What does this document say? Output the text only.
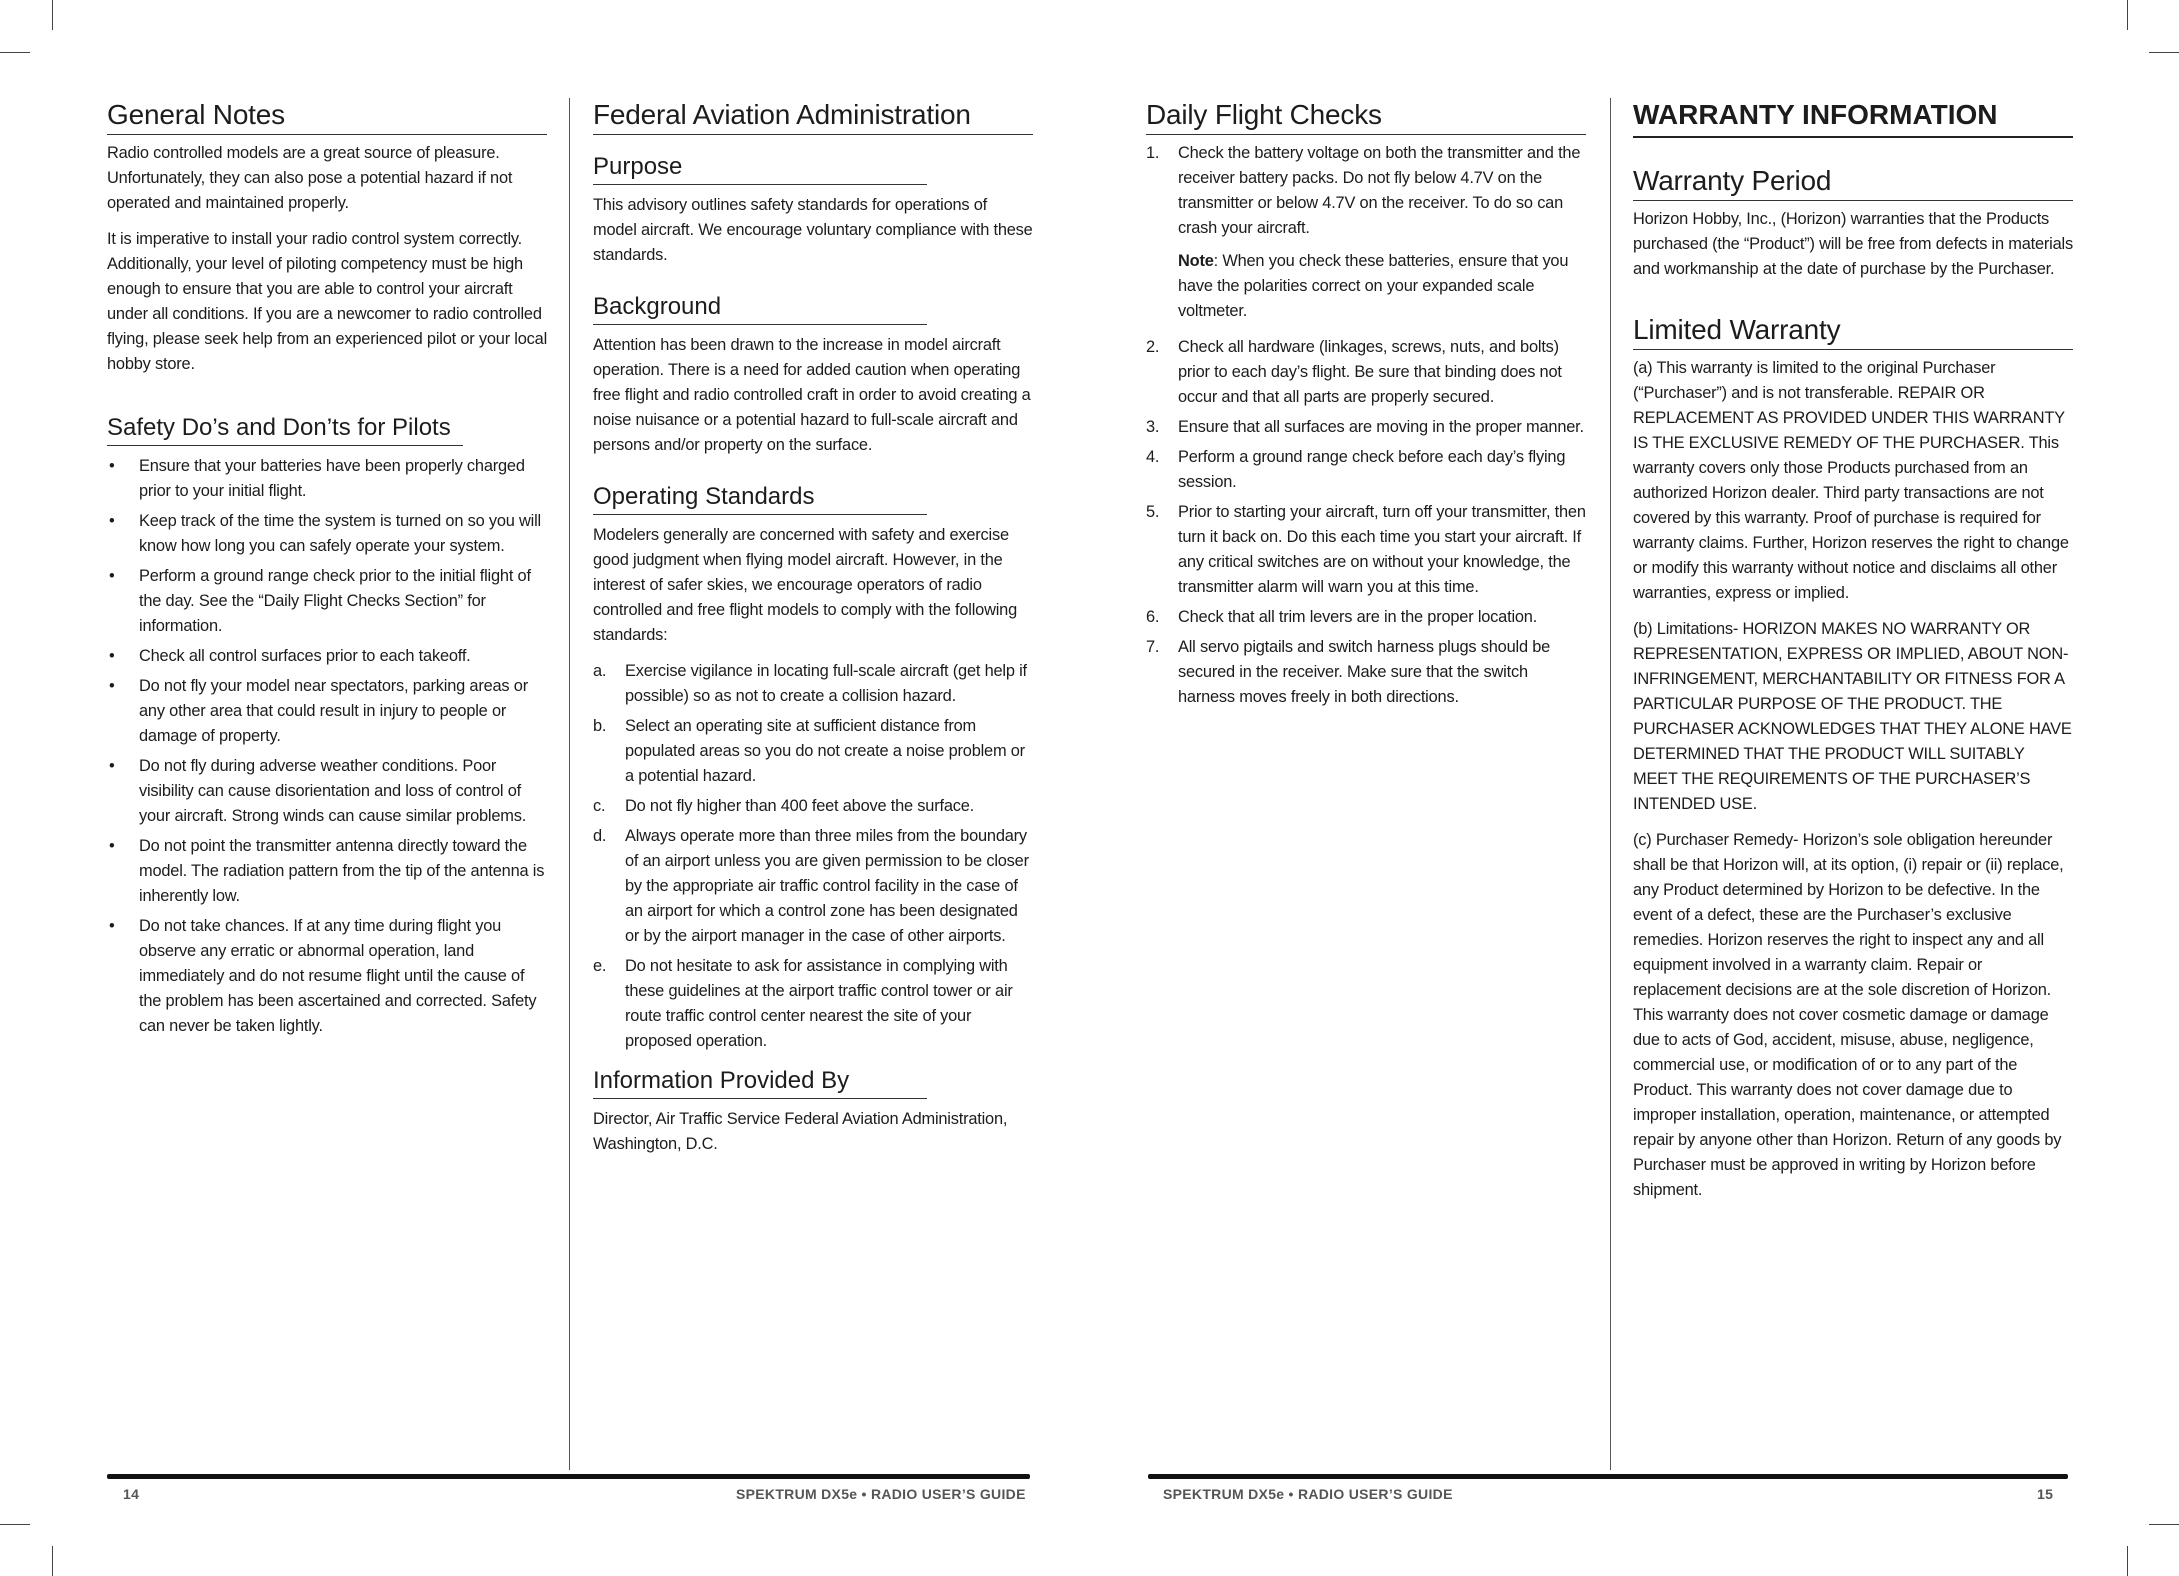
General Notes

Radio controlled models are a great source of pleasure. Unfortunately, they can also pose a potential hazard if not operated and maintained properly.

It is imperative to install your radio control system correctly. Additionally, your level of piloting competency must be high enough to ensure that you are able to control your aircraft under all conditions. If you are a newcomer to radio controlled flying, please seek help from an experienced pilot or your local hobby store.

Safety Do’s and Don’ts for Pilots
• Ensure that your batteries have been properly charged prior to your initial flight.
• Keep track of the time the system is turned on so you will know how long you can safely operate your system.
• Perform a ground range check prior to the initial flight of the day. See the “Daily Flight Checks Section” for information.
• Check all control surfaces prior to each takeoff.
• Do not fly your model near spectators, parking areas or any other area that could result in injury to people or damage of property.
• Do not fly during adverse weather conditions. Poor visibility can cause disorientation and loss of control of your aircraft. Strong winds can cause similar problems.
• Do not point the transmitter antenna directly toward the model. The radiation pattern from the tip of the antenna is inherently low.
• Do not take chances. If at any time during flight you observe any erratic or abnormal operation, land immediately and do not resume flight until the cause of the problem has been ascertained and corrected. Safety can never be taken lightly.
Federal Aviation Administration
Purpose

This advisory outlines safety standards for operations of model aircraft. We encourage voluntary compliance with these standards.

Background

Attention has been drawn to the increase in model aircraft operation. There is a need for added caution when operating free flight and radio controlled craft in order to avoid creating a noise nuisance or a potential hazard to full-scale aircraft and persons and/or property on the surface.

Operating Standards

Modelers generally are concerned with safety and exercise good judgment when flying model aircraft. However, in the interest of safer skies, we encourage operators of radio controlled and free flight models to comply with the following standards:

a. Exercise vigilance in locating full-scale aircraft (get help if possible) so as not to create a collision hazard.
b. Select an operating site at sufficient distance from populated areas so you do not create a noise problem or a potential hazard.
c. Do not fly higher than 400 feet above the surface.
d. Always operate more than three miles from the boundary of an airport unless you are given permission to be closer by the appropriate air traffic control facility in the case of an airport for which a control zone has been designated or by the airport manager in the case of other airports.
e. Do not hesitate to ask for assistance in complying with these guidelines at the airport traffic control tower or air route traffic control center nearest the site of your proposed operation.
Information Provided By

Director, Air Traffic Service Federal Aviation Administration, Washington, D.C.

Daily Flight Checks
1. Check the battery voltage on both the transmitter and the receiver battery packs. Do not fly below 4.7V on the transmitter or below 4.7V on the receiver. To do so can crash your aircraft.
Note: When you check these batteries, ensure that you have the polarities correct on your expanded scale voltmeter.
2. Check all hardware (linkages, screws, nuts, and bolts) prior to each day’s flight. Be sure that binding does not occur and that all parts are properly secured.
3. Ensure that all surfaces are moving in the proper manner.
4. Perform a ground range check before each day’s flying session.
5. Prior to starting your aircraft, turn off your transmitter, then turn it back on. Do this each time you start your aircraft. If any critical switches are on without your knowledge, the transmitter alarm will warn you at this time.
6. Check that all trim levers are in the proper location.
7. All servo pigtails and switch harness plugs should be secured in the receiver. Make sure that the switch harness moves freely in both directions.
WARRANTY INFORMATION
Warranty Period

Horizon Hobby, Inc., (Horizon) warranties that the Products purchased (the “Product”) will be free from defects in materials and workmanship at the date of purchase by the Purchaser.

Limited Warranty

(a) This warranty is limited to the original Purchaser (“Purchaser”) and is not transferable. REPAIR OR REPLACEMENT AS PROVIDED UNDER THIS WARRANTY IS THE EXCLUSIVE REMEDY OF THE PURCHASER. This warranty covers only those Products purchased from an authorized Horizon dealer. Third party transactions are not covered by this warranty. Proof of purchase is required for warranty claims. Further, Horizon reserves the right to change or modify this warranty without notice and disclaims all other warranties, express or implied.

(b) Limitations- HORIZON MAKES NO WARRANTY OR REPRESENTATION, EXPRESS OR IMPLIED, ABOUT NON-INFRINGEMENT, MERCHANTABILITY OR FITNESS FOR A PARTICULAR PURPOSE OF THE PRODUCT. THE PURCHASER ACKNOWLEDGES THAT THEY ALONE HAVE DETERMINED THAT THE PRODUCT WILL SUITABLY MEET THE REQUIREMENTS OF THE PURCHASER’S INTENDED USE.

(c) Purchaser Remedy- Horizon’s sole obligation hereunder shall be that Horizon will, at its option, (i) repair or (ii) replace, any Product determined by Horizon to be defective. In the event of a defect, these are the Purchaser’s exclusive remedies. Horizon reserves the right to inspect any and all equipment involved in a warranty claim. Repair or replacement decisions are at the sole discretion of Horizon. This warranty does not cover cosmetic damage or damage due to acts of God, accident, misuse, abuse, negligence, commercial use, or modification of or to any part of the Product. This warranty does not cover damage due to improper installation, operation, maintenance, or attempted repair by anyone other than Horizon. Return of any goods by Purchaser must be approved in writing by Horizon before shipment.

14	SPEKTRUM DX5e • RADIO USER’S GUIDE	SPEKTRUM DX5e • RADIO USER’S GUIDE	15
